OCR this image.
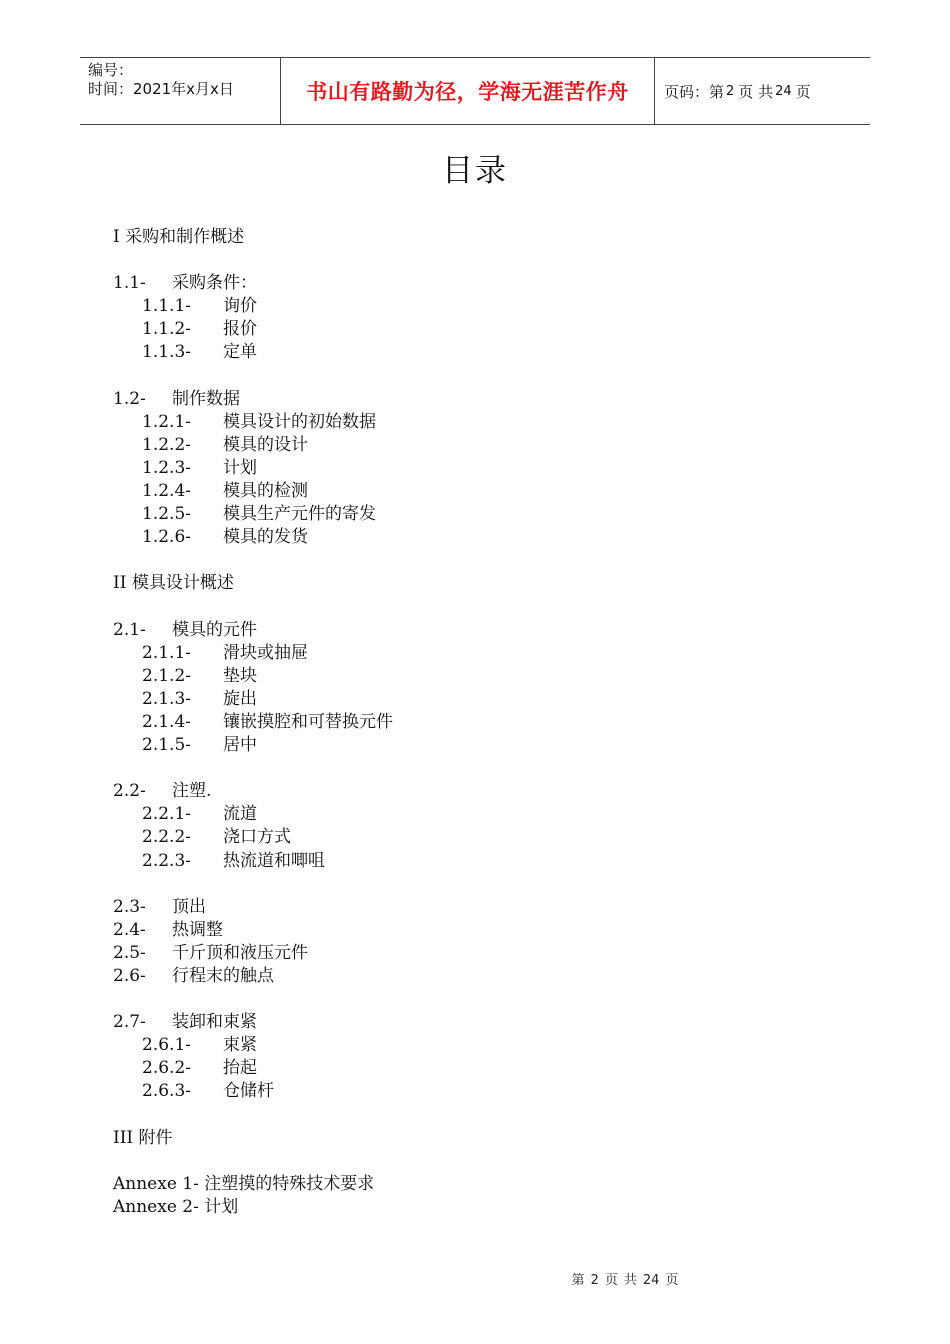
编号：
时间：2021年x月x日	书山有路勤为径，学海无涯苦作舟	页码：第 2 页 共 24 页
目录
I 采购和制作概述
1.1- 采购条件：
1.1.1- 询价
1.1.2- 报价
1.1.3- 定单
1.2- 制作数据
1.2.1- 模具设计的初始数据
1.2.2- 模具的设计
1.2.3- 计划
1.2.4- 模具的检测
1.2.5- 模具生产元件的寄发
1.2.6- 模具的发货
II 模具设计概述
2.1- 模具的元件
2.1.1- 滑块或抽屉
2.1.2- 垫块
2.1.3- 旋出
2.1.4- 镶嵌摸腔和可替换元件
2.1.5- 居中
2.2- 注塑.
2.2.1- 流道
2.2.2- 浇口方式
2.2.3- 热流道和唧咀
2.3- 顶出
2.4- 热调整
2.5- 千斤顶和液压元件
2.6- 行程末的触点
2.7- 装卸和束紧
2.6.1- 束紧
2.6.2- 抬起
2.6.3- 仓储杆
III 附件
Annexe 1- 注塑摸的特殊技术要求
Annexe 2- 计划
第 2 页 共 24 页
